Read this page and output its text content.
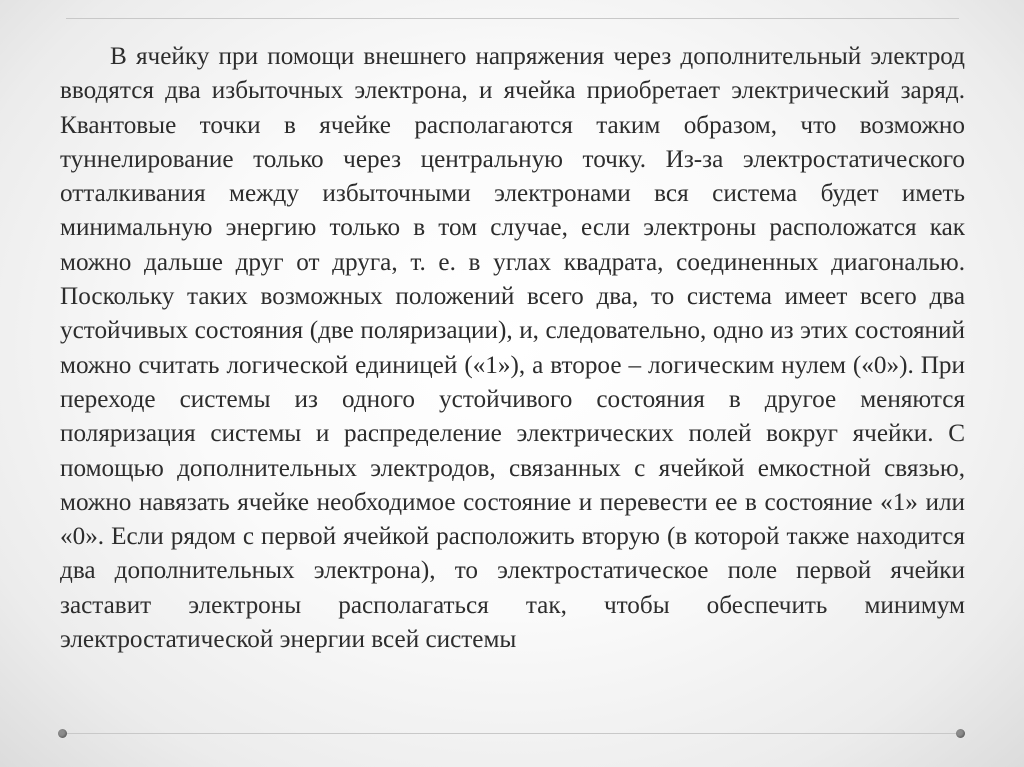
В ячейку при помощи внешнего напряжения через дополнительный электрод вводятся два избыточных электрона, и ячейка приобретает электрический заряд. Квантовые точки в ячейке располагаются таким образом, что возможно туннелирование только через центральную точку. Из-за электростатического отталкивания между избыточными электронами вся система будет иметь минимальную энергию только в том случае, если электроны расположатся как можно дальше друг от друга, т. е. в углах квадрата, соединенных диагональю. Поскольку таких возможных положений всего два, то система имеет всего два устойчивых состояния (две поляризации), и, следовательно, одно из этих состояний можно считать логической единицей («1»), а второе – логическим нулем («0»). При переходе системы из одного устойчивого состояния в другое меняются поляризация системы и распределение электрических полей вокруг ячейки. С помощью дополнительных электродов, связанных с ячейкой емкостной связью, можно навязать ячейке необходимое состояние и перевести ее в состояние «1» или «0». Если рядом с первой ячейкой расположить вторую (в которой также находится два дополнительных электрона), то электростатическое поле первой ячейки заставит электроны располагаться так, чтобы обеспечить минимум электростатической энергии всей системы
